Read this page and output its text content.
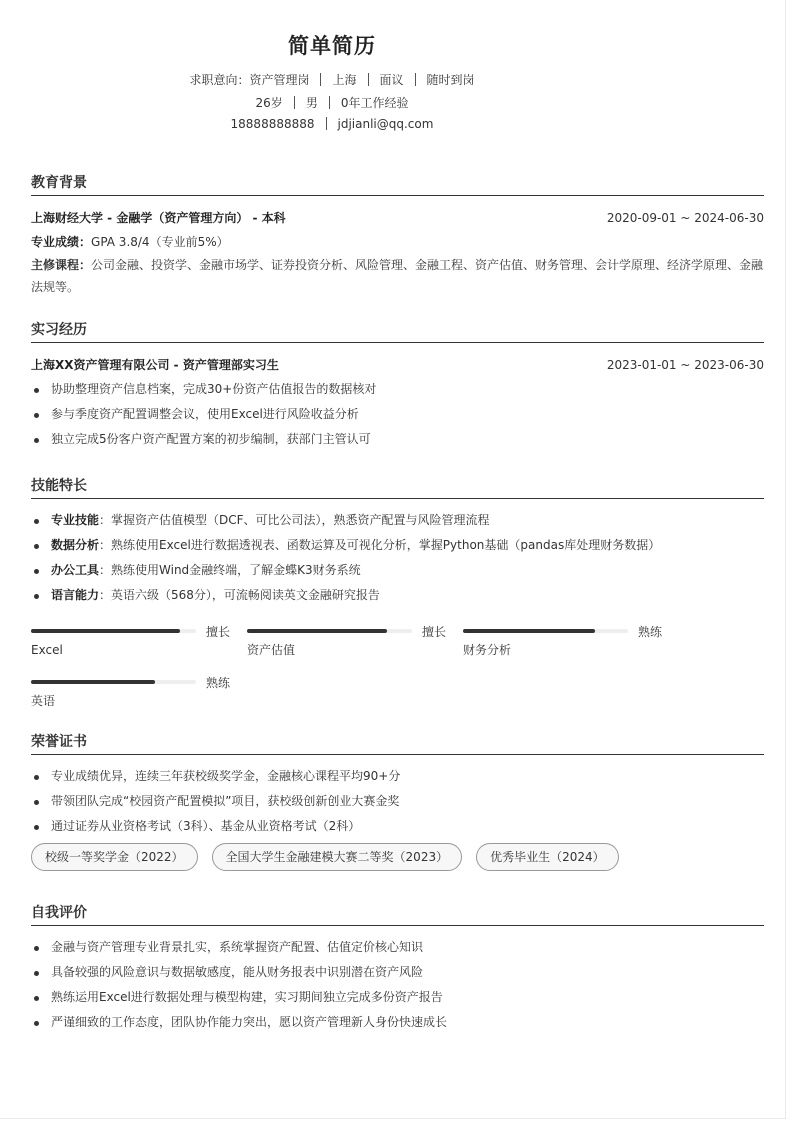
简单简历
求职意向：资产管理岗 上海 面议 随时到岗
26岁 男 0年工作经验
18888888888 jdjianli@qq.com
教育背景
上海财经大学 - 金融学（资产管理方向） - 本科	2020-09-01 ~ 2024-06-30
专业成绩：GPA 3.8/4（专业前5%）
主修课程：公司金融、投资学、金融市场学、证券投资分析、风险管理、金融工程、资产估值、财务管理、会计学原理、经济学原理、金融法规等。
实习经历
上海XX资产管理有限公司 - 资产管理部实习生	2023-01-01 ~ 2023-06-30
协助整理资产信息档案，完成30+份资产估值报告的数据核对
参与季度资产配置调整会议，使用Excel进行风险收益分析
独立完成5份客户资产配置方案的初步编制，获部门主管认可
技能特长
专业技能：掌握资产估值模型（DCF、可比公司法），熟悉资产配置与风险管理流程
数据分析：熟练使用Excel进行数据透视表、函数运算及可视化分析，掌握Python基础（pandas库处理财务数据）
办公工具：熟练使用Wind金融终端，了解金蝶K3财务系统
语言能力：英语六级（568分），可流畅阅读英文金融研究报告
擅长
Excel
擅长
资产估值
熟练
财务分析
熟练
英语
荣誉证书
专业成绩优异，连续三年获校级奖学金，金融核心课程平均90+分
带领团队完成“校园资产配置模拟”项目，获校级创新创业大赛金奖
通过证券从业资格考试（3科）、基金从业资格考试（2科）
校级一等奖学金（2022）	全国大学生金融建模大赛二等奖（2023）	优秀毕业生（2024）
自我评价
金融与资产管理专业背景扎实，系统掌握资产配置、估值定价核心知识
具备较强的风险意识与数据敏感度，能从财务报表中识别潜在资产风险
熟练运用Excel进行数据处理与模型构建，实习期间独立完成多份资产报告
严谨细致的工作态度，团队协作能力突出，愿以资产管理新人身份快速成长
